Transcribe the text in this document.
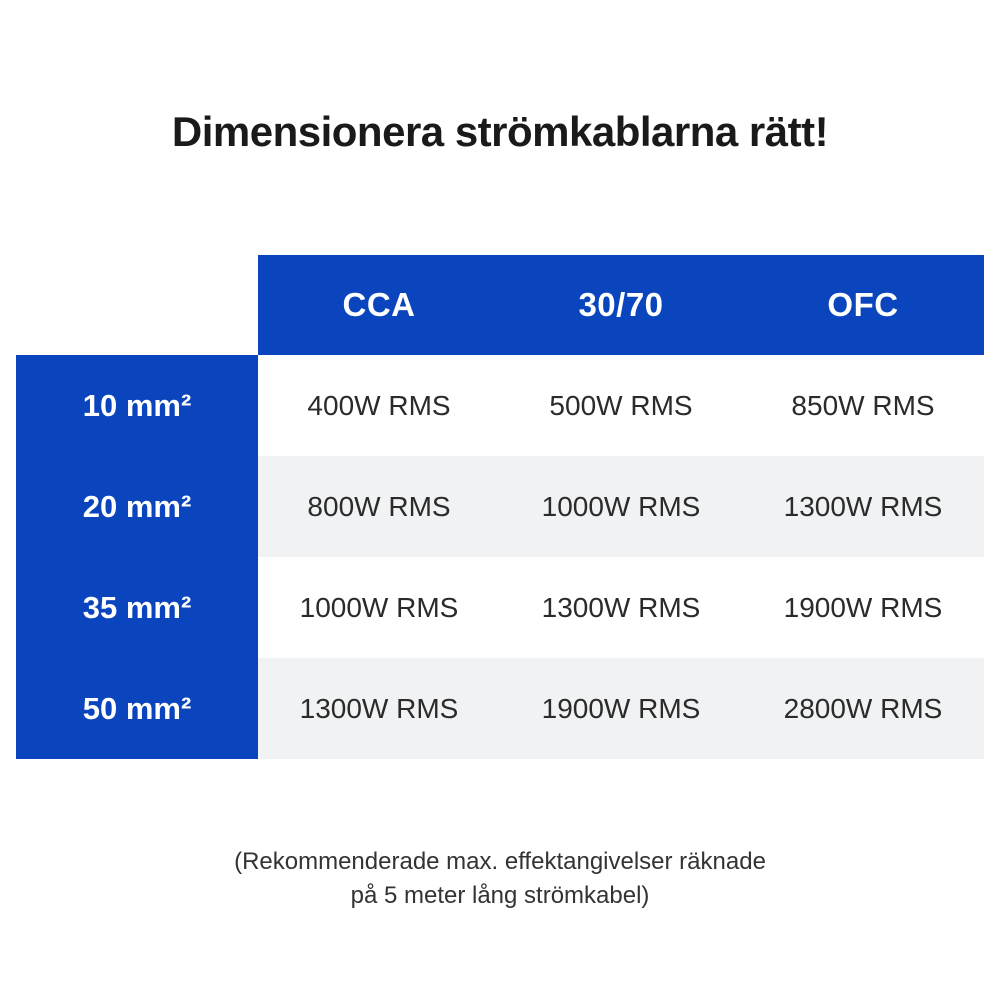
Dimensionera strömkablarna rätt!
	CCA	30/70	OFC
10 mm²	400W RMS	500W RMS	850W RMS
20 mm²	800W RMS	1000W RMS	1300W RMS
35 mm²	1000W RMS	1300W RMS	1900W RMS
50 mm²	1300W RMS	1900W RMS	2800W RMS
(Rekommenderade max. effektangivelser räknade
på 5 meter lång strömkabel)
